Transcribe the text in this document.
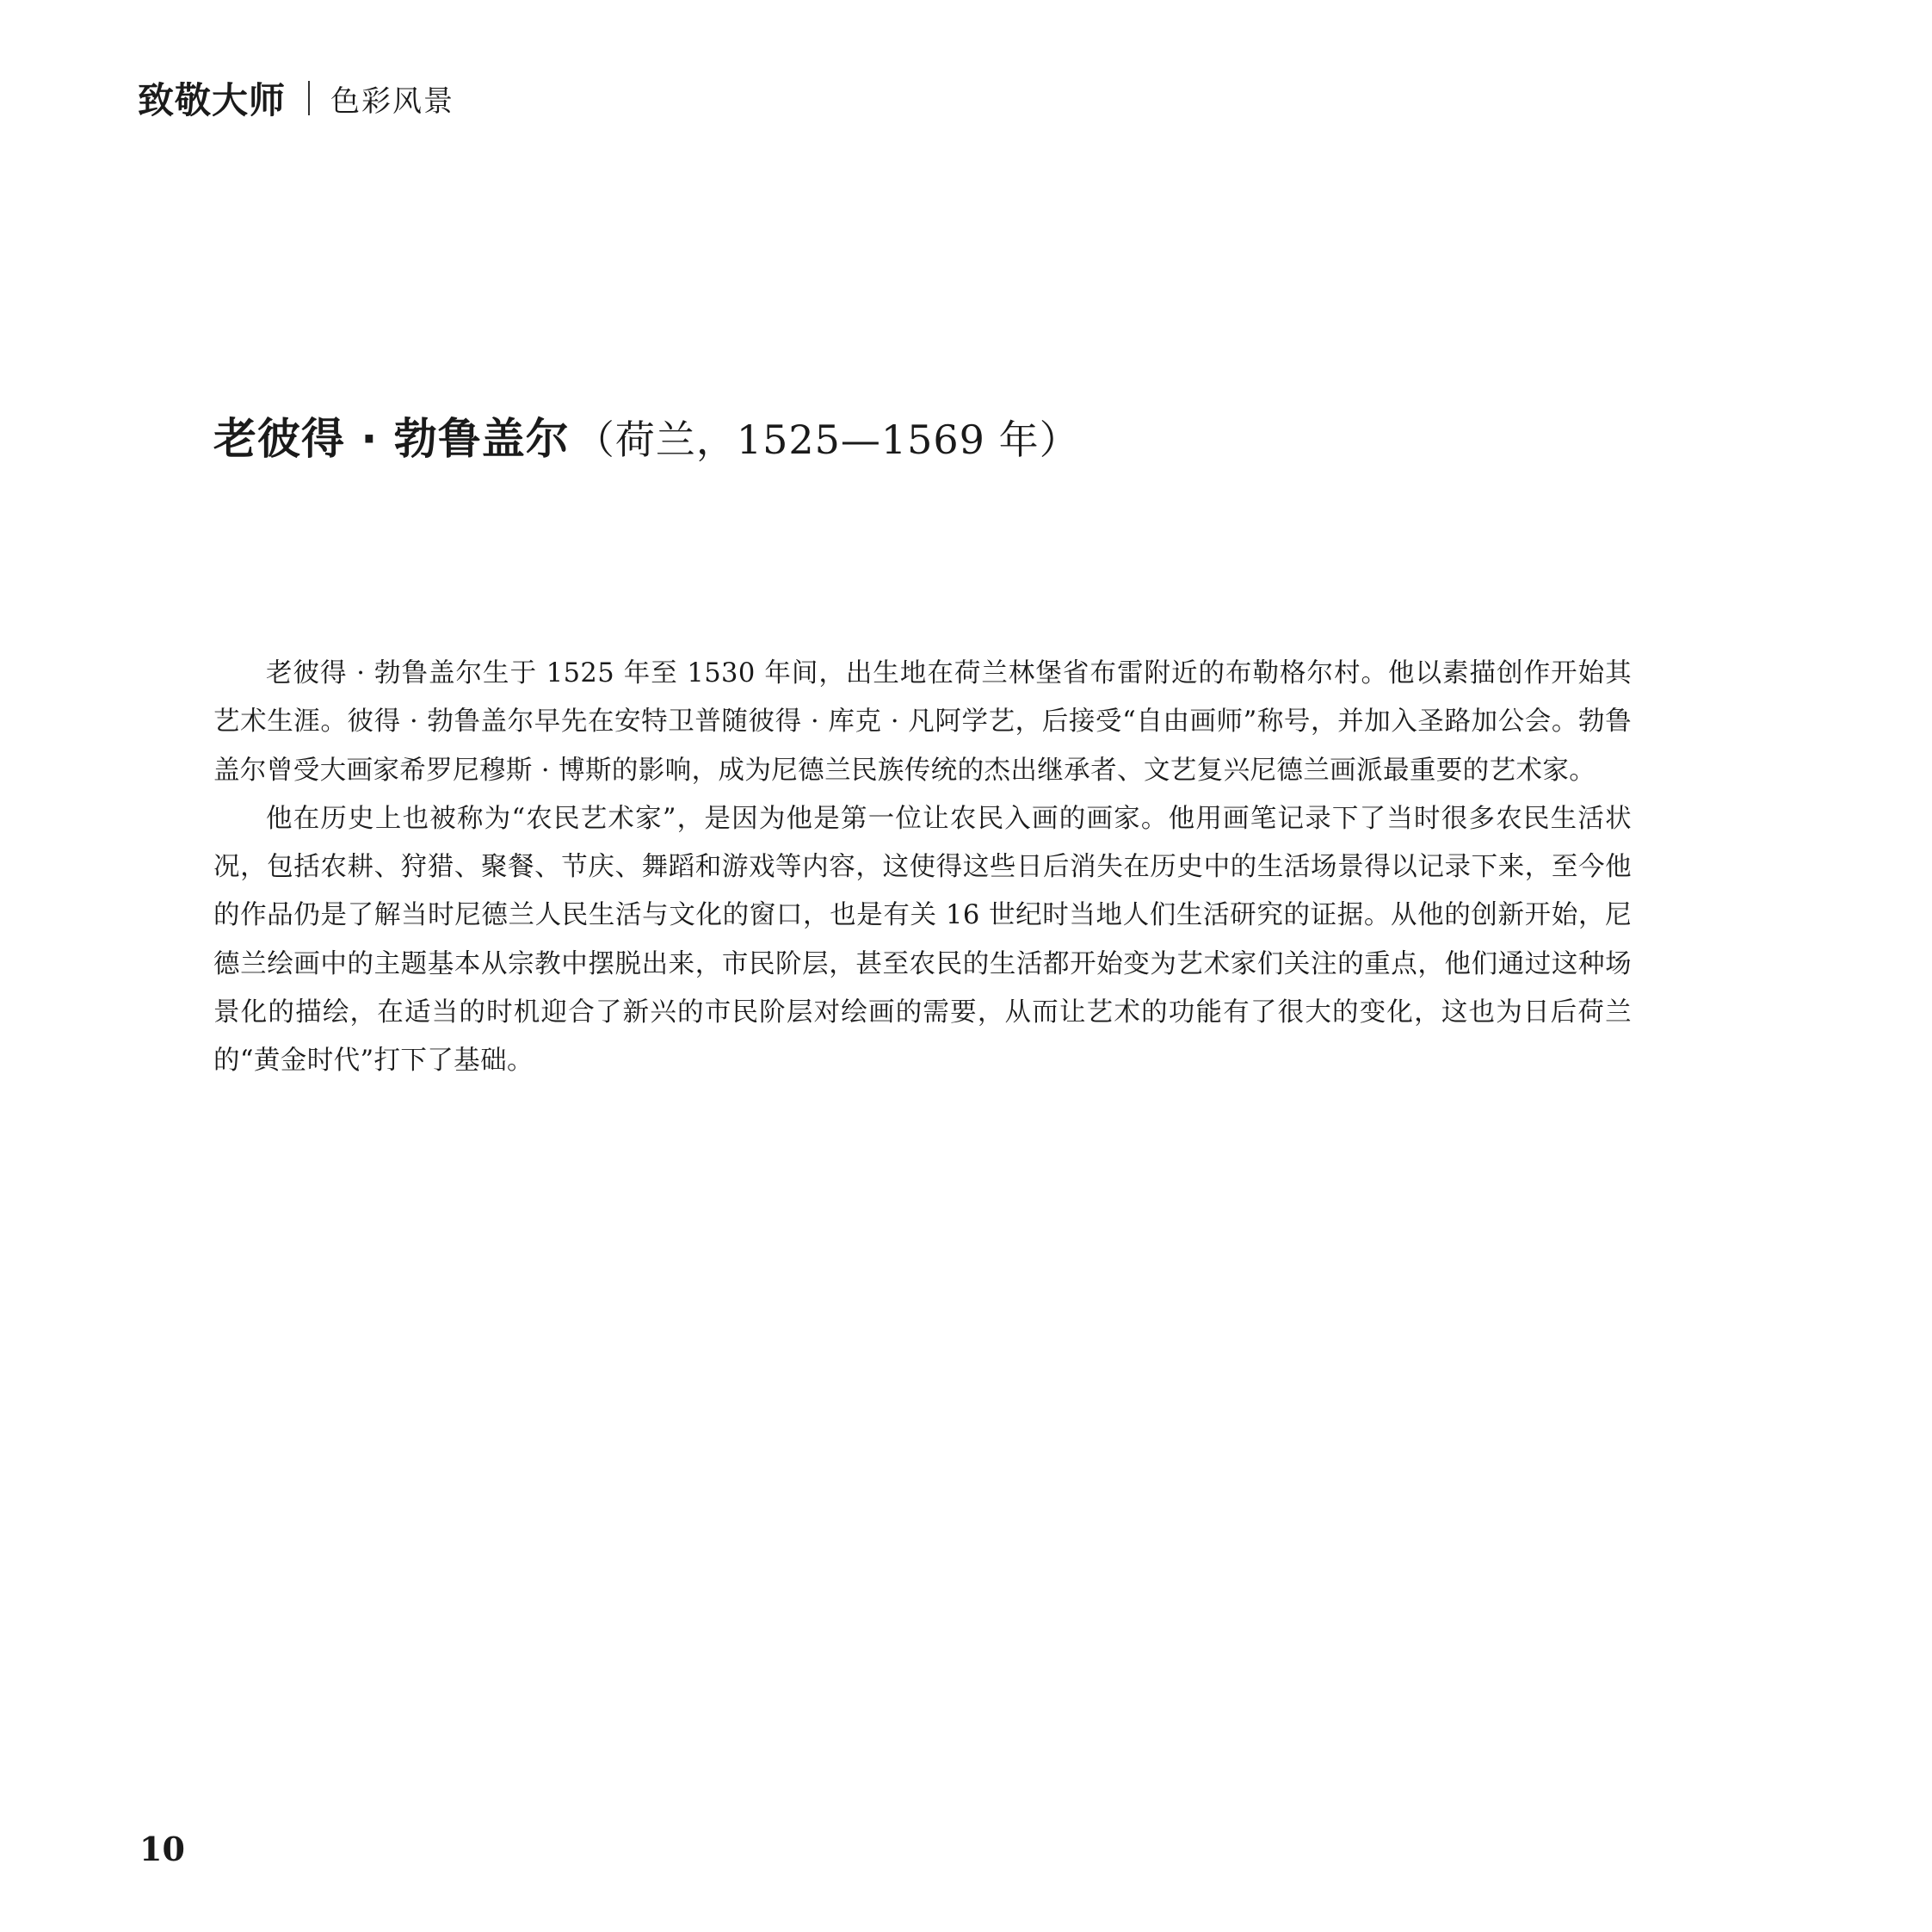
致敬大师 色彩风景
老彼得 · 勃鲁盖尔 （荷兰，1525—1569 年）

老彼得 · 勃鲁盖尔生于 1525 年至 1530 年间，出生地在荷兰林堡省布雷附近的布勒格尔村。他以素描创作开始其艺术生涯。彼得 · 勃鲁盖尔早先在安特卫普随彼得 · 库克 · 凡阿学艺，后接受“自由画师”称号，并加入圣路加公会。勃鲁盖尔曾受大画家希罗尼穆斯 · 博斯的影响，成为尼德兰民族传统的杰出继承者、文艺复兴尼德兰画派最重要的艺术家。

他在历史上也被称为“农民艺术家”，是因为他是第一位让农民入画的画家。他用画笔记录下了当时很多农民生活状况，包括农耕、狩猎、聚餐、节庆、舞蹈和游戏等内容，这使得这些日后消失在历史中的生活场景得以记录下来，至今他的作品仍是了解当时尼德兰人民生活与文化的窗口，也是有关 16 世纪时当地人们生活研究的证据。从他的创新开始，尼德兰绘画中的主题基本从宗教中摆脱出来，市民阶层，甚至农民的生活都开始变为艺术家们关注的重点，他们通过这种场景化的描绘，在适当的时机迎合了新兴的市民阶层对绘画的需要，从而让艺术的功能有了很大的变化，这也为日后荷兰的“黄金时代”打下了基础。

10
